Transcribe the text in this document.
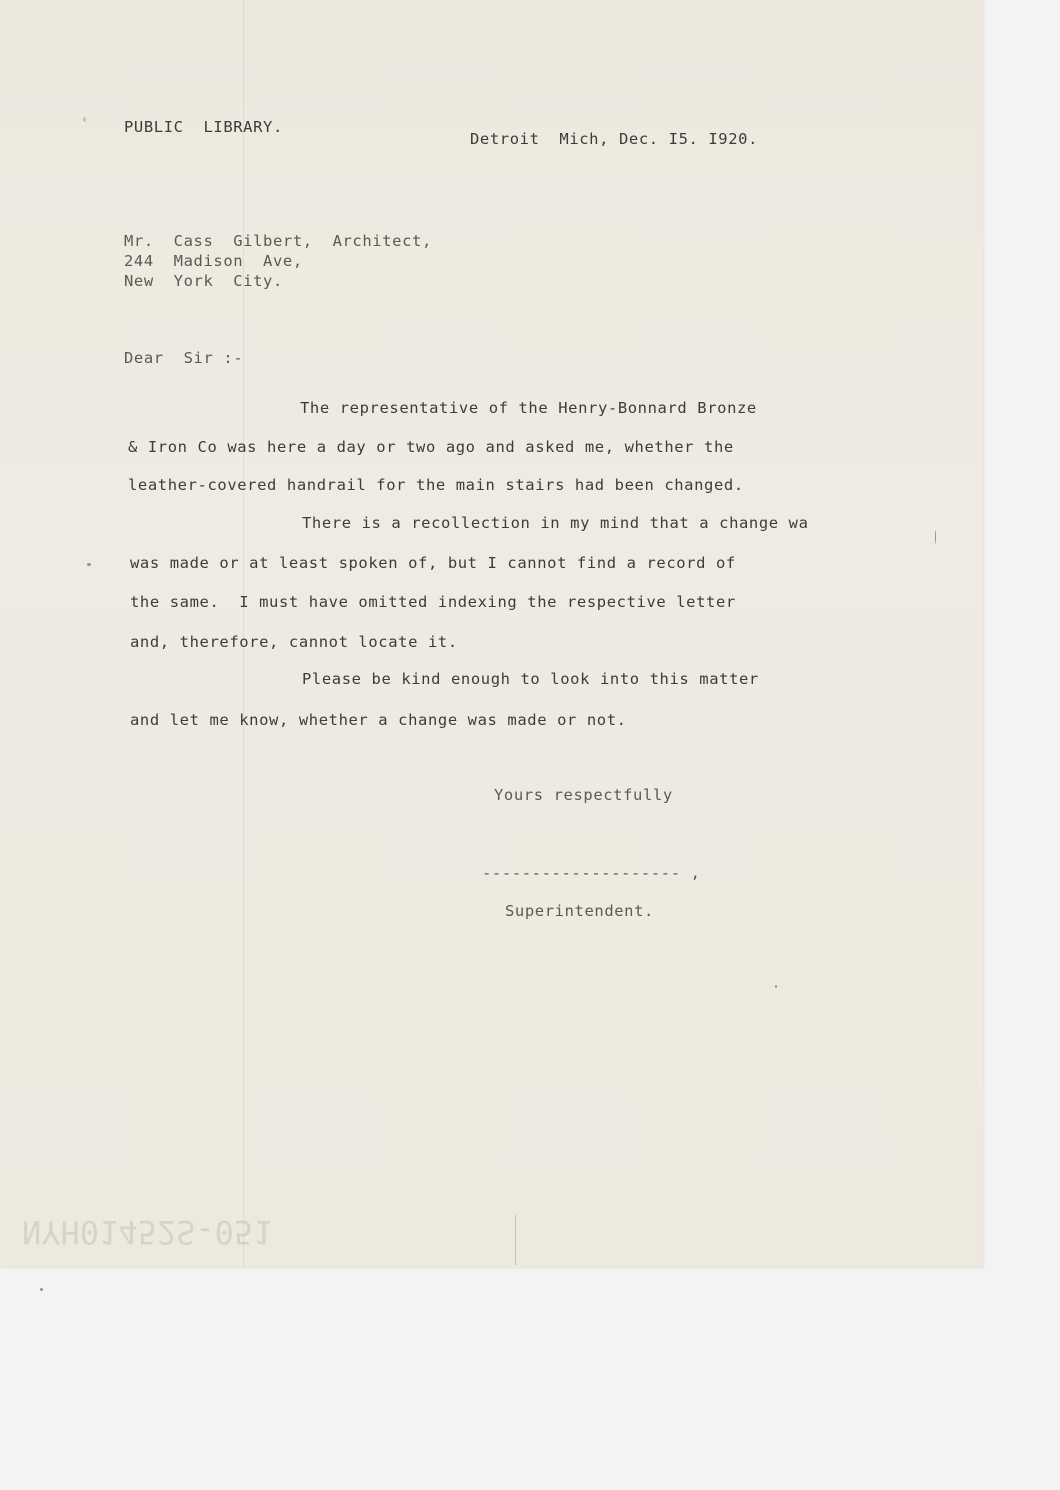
PUBLIC  LIBRARY.

Detroit  Mich, Dec. I5. I920.

Mr.  Cass  Gilbert,  Architect,

244  Madison  Ave,

New  York  City.

Dear  Sir :-

The representative of the Henry-Bonnard Bronze

& Iron Co was here a day or two ago and asked me, whether the

leather-covered handrail for the main stairs had been changed.

There is a recollection in my mind that a change wa

was made or at least spoken of, but I cannot find a record of

the same.  I must have omitted indexing the respective letter

and, therefore, cannot locate it.

Please be kind enough to look into this matter

and let me know, whether a change was made or not.

Yours respectfully

-------------------- ,

Superintendent.

NYH01452S-051
